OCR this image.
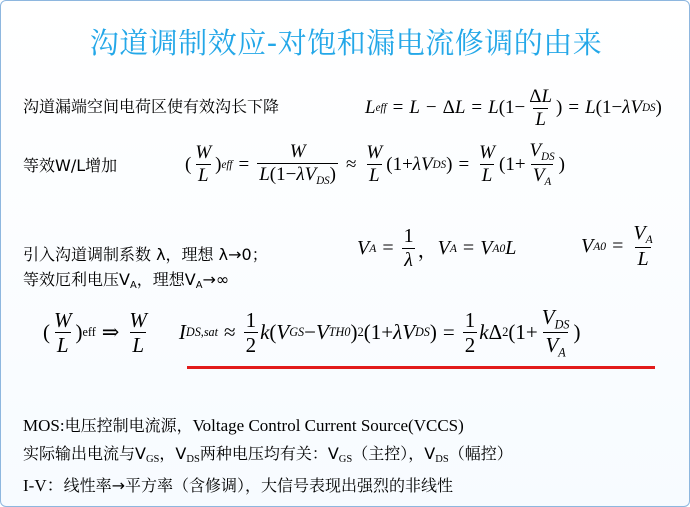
沟道调制效应-对饱和漏电流修调的由来
沟道漏端空间电荷区使有效沟长下降	L eff = L − Δ L = L ( $1 - \frac{\Delta L}{L}$ ) = L ( 1 − λ V DS )
等效W/L增加	( $\frac{W}{L}$ ) eff = $\frac{W}{L(1-\lambda V_{DS})} \approx \frac{W}{L}$ ( 1 + λ V DS ) = $\frac{W}{L}$ ( $1 + \frac{V_{DS}}{V_A}$ )
引入沟道调制系数 λ，理想 λ→0；	V $A = \frac{1}{\lambda}$ ， V A = V A0 L	V $A0 = \frac{V_A}{L}$
等效厄利电压$V_A$，理想$V_A\to\infty$
( $\frac{W}{L}$ ) eff ⇒ $\frac{W}{L}$ I $DS,sat \approx \frac{1}{2}$ k ( V GS − V TH0 ) 2 ( 1 + λ V DS ) = $\frac{1}{2}$ k Δ 2 ( $1 + \frac{V_{DS}}{V_A}$ )
MOS:电压控制电流源，Voltage Control Current Source(VCCS)
实际输出电流与$V_{GS}$，$V_{DS}$两种电压均有关：$V_{GS}$（主控），$V_{DS}$（幅控）
I-V：线性率→平方率（含修调），大信号表现出强烈的非线性
